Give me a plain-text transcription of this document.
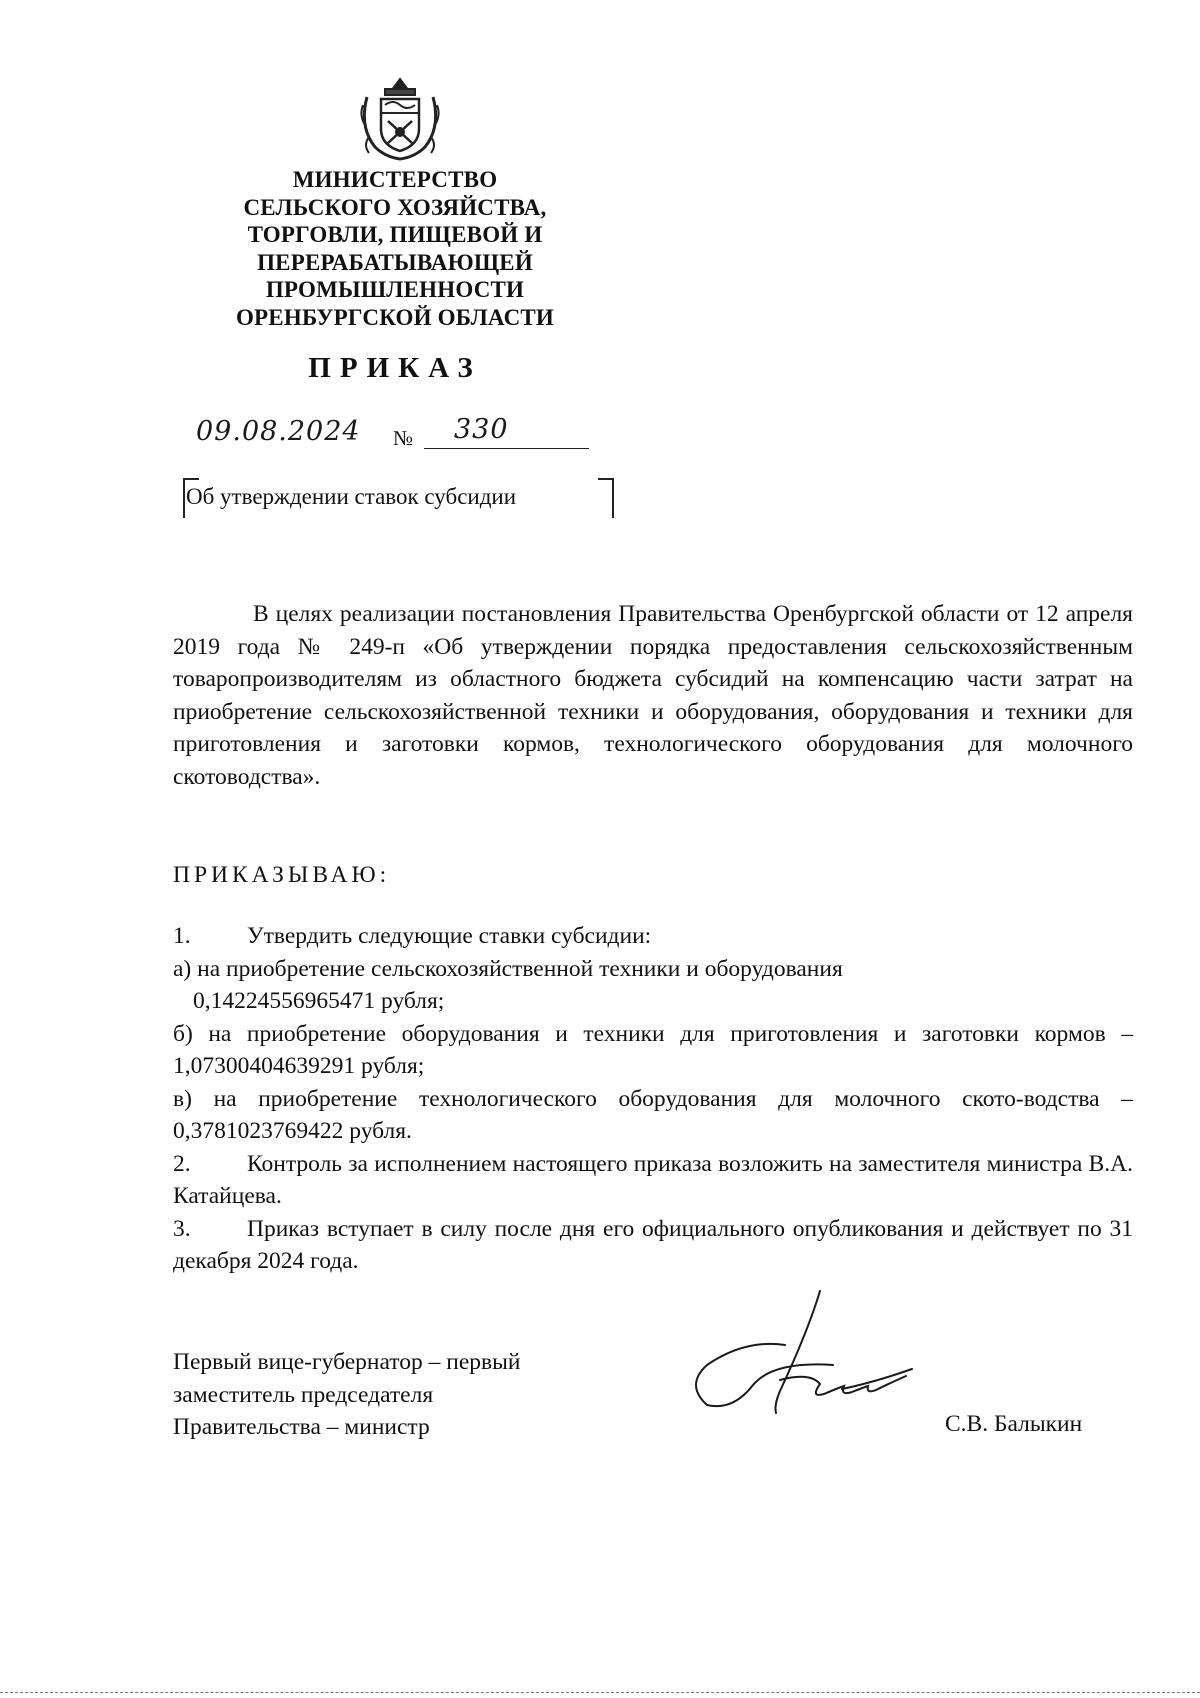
МИНИСТЕРСТВО
СЕЛЬСКОГО ХОЗЯЙСТВА,
ТОРГОВЛИ, ПИЩЕВОЙ И
ПЕРЕРАБАТЫВАЮЩЕЙ
ПРОМЫШЛЕННОСТИ
ОРЕНБУРГСКОЙ ОБЛАСТИ
ПРИКАЗ
09.08.2024 № 330
Об утверждении ставок субсидии
В целях реализации постановления Правительства Оренбургской области от 12 апреля 2019 года № 249-п «Об утверждении порядка предоставления сельскохозяйственным товаропроизводителям из областного бюджета субсидий на компенсацию части затрат на приобретение сельскохозяйственной техники и оборудования, оборудования и техники для приготовления и заготовки кормов, технологического оборудования для молочного скотоводства».
ПРИКАЗЫВАЮ:

1. Утвердить следующие ставки субсидии:

а) на приобретение сельскохозяйственной техники и оборудования

0,14224556965471 рубля;

б) на приобретение оборудования и техники для приготовления и заготовки кормов – 1,07300404639291 рубля;

в) на приобретение технологического оборудования для молочного ското-водства – 0,3781023769422 рубля.

2. Контроль за исполнением настоящего приказа возложить на заместителя министра В.А. Катайцева.

3. Приказ вступает в силу после дня его официального опубликования и действует по 31 декабря 2024 года.

Первый вице-губернатор – первый
заместитель председателя
Правительства – министр	С.В. Балыкин
